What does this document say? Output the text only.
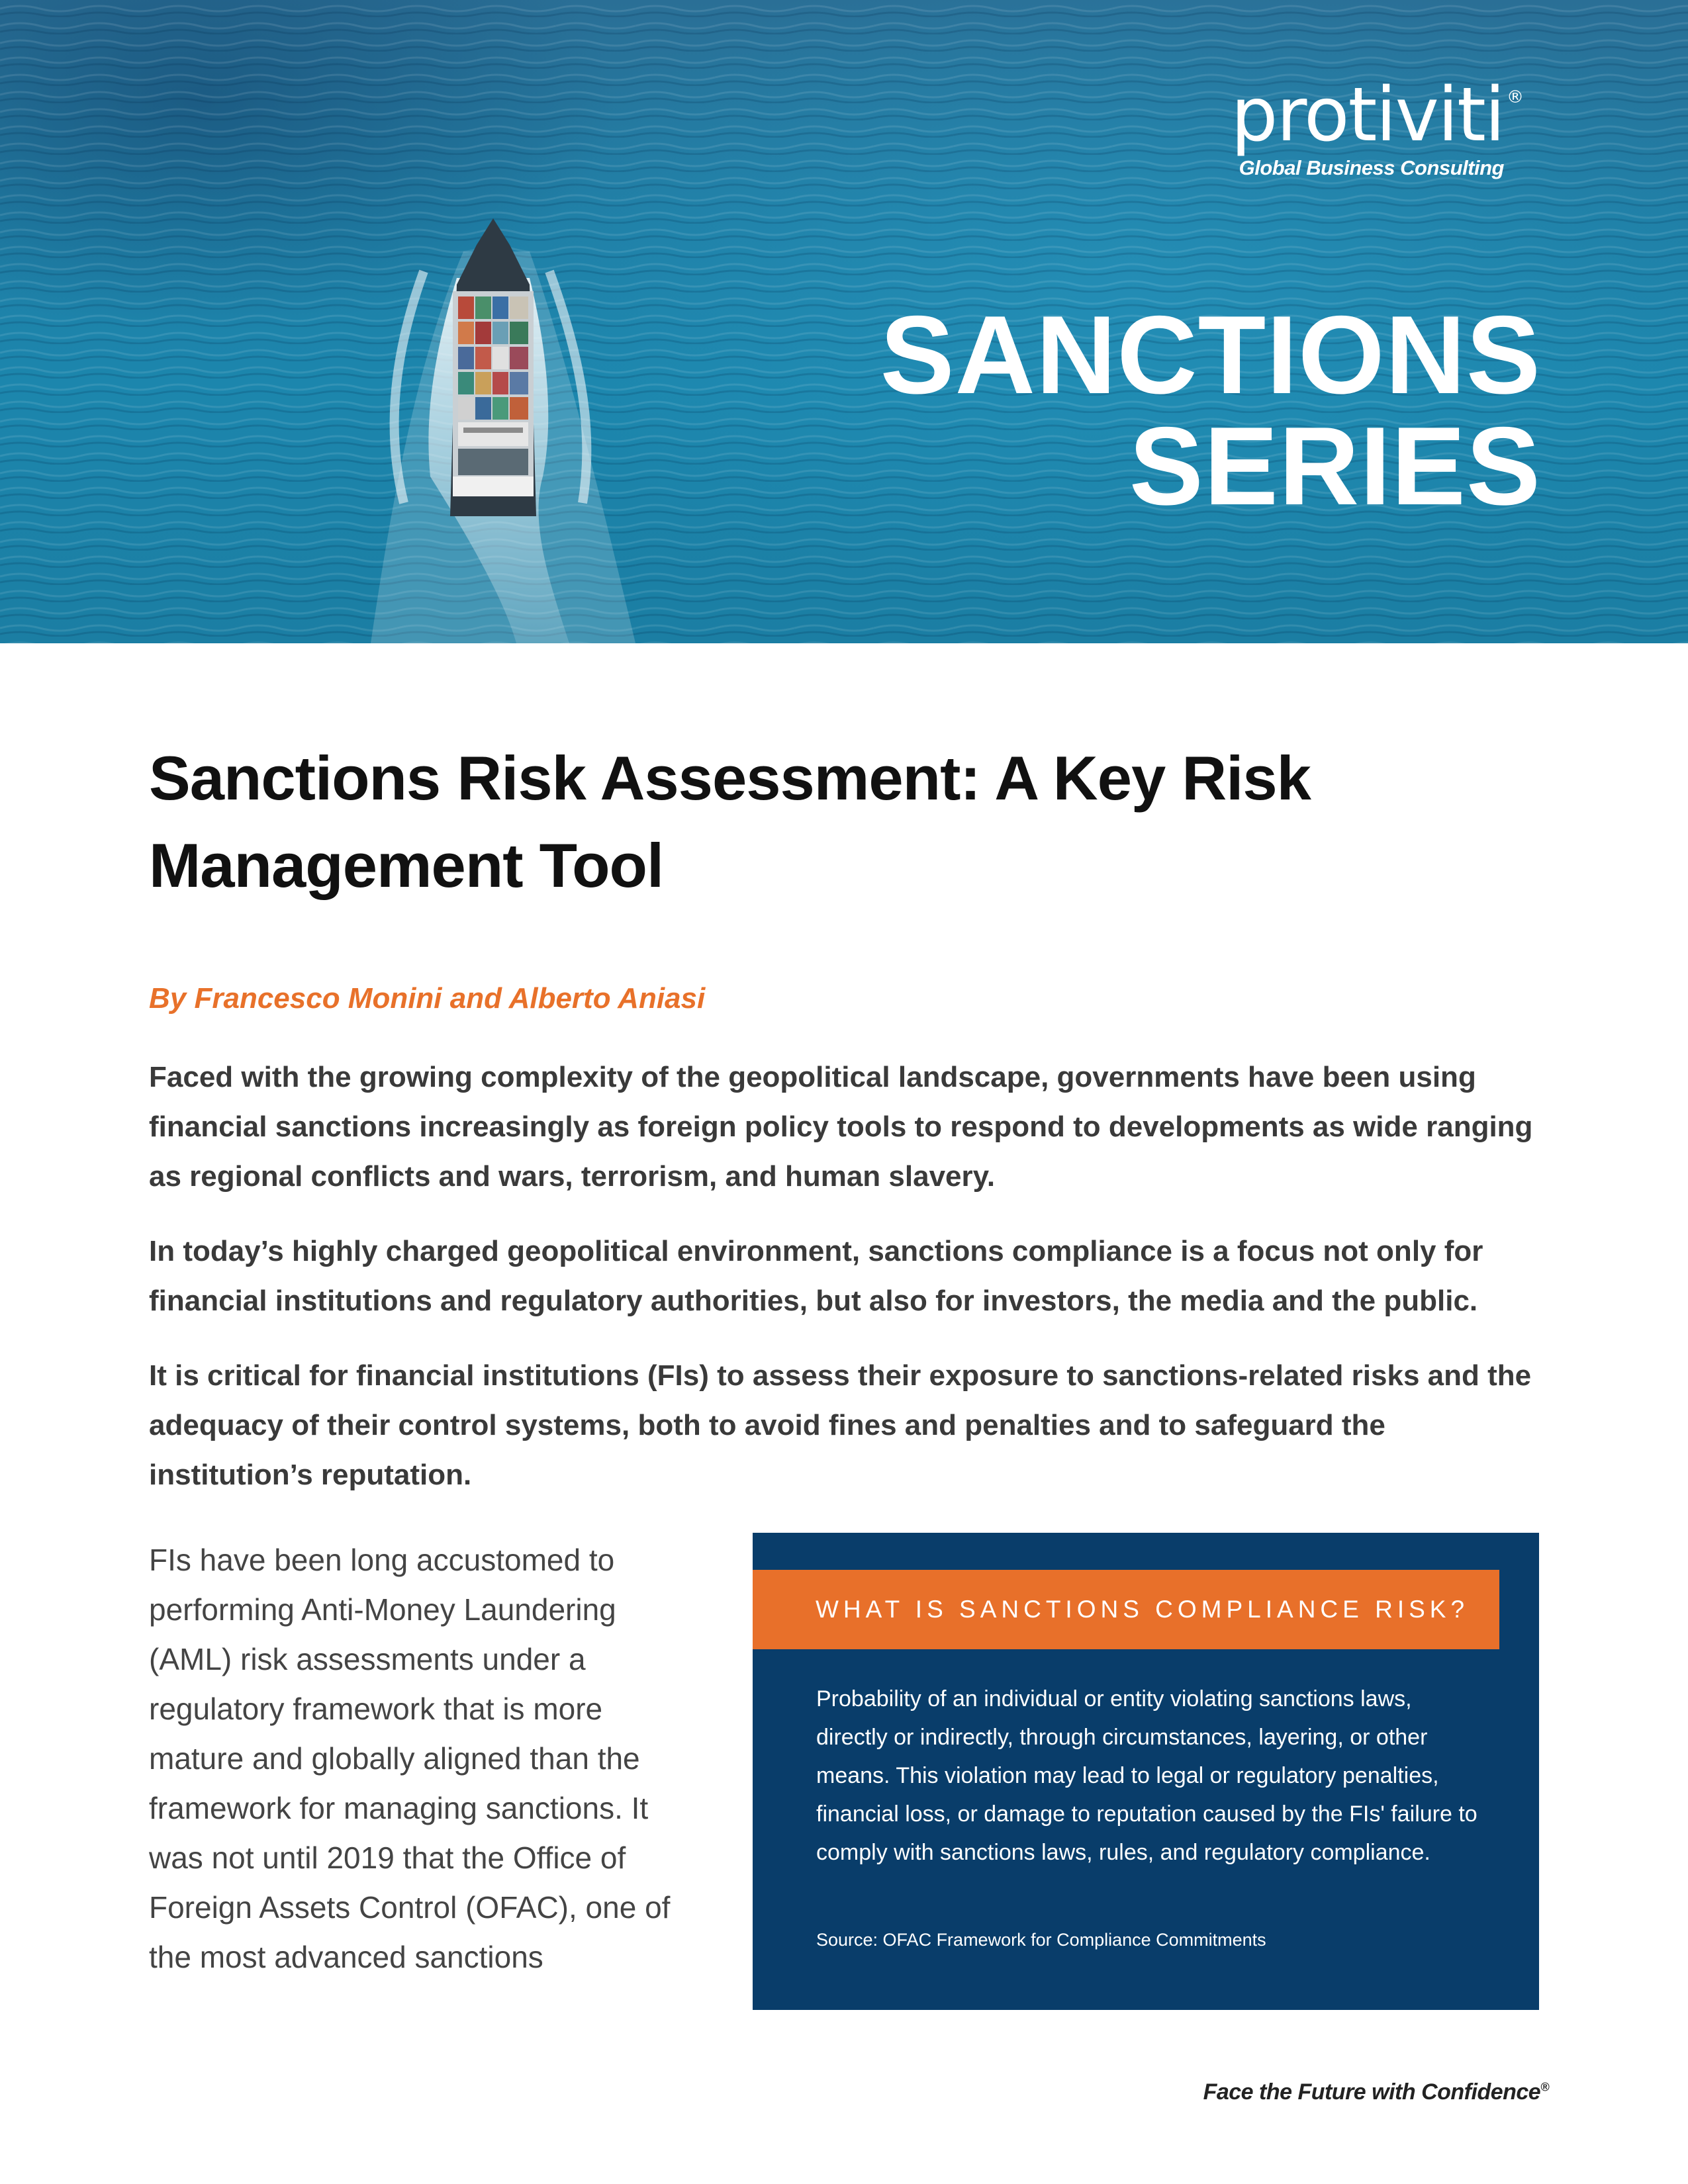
protiviti ®
Global Business Consulting
SANCTIONS
SERIES
Sanctions Risk Assessment: A Key Risk
Management Tool

By Francesco Monini and Alberto Aniasi

Faced with the growing complexity of the geopolitical landscape, governments have been using financial sanctions increasingly as foreign policy tools to respond to developments as wide ranging as regional conflicts and wars, terrorism, and human slavery.

In today’s highly charged geopolitical environment, sanctions compliance is a focus not only for financial institutions and regulatory authorities, but also for investors, the media and the public.

It is critical for financial institutions (FIs) to assess their exposure to sanctions-related risks and the adequacy of their control systems, both to avoid fines and penalties and to safeguard the institution’s reputation.

FIs have been long accustomed to performing Anti-Money Laundering (AML) risk assessments under a regulatory framework that is more mature and globally aligned than the framework for managing sanctions. It was not until 2019 that the Office of Foreign Assets Control (OFAC), one of the most advanced sanctions

WHAT IS SANCTIONS COMPLIANCE RISK?

Probability of an individual or entity violating sanctions laws, directly or indirectly, through circumstances, layering, or other means. This violation may lead to legal or regulatory penalties, financial loss, or damage to reputation caused by the FIs' failure to comply with sanctions laws, rules, and regulatory compliance.

Source: OFAC Framework for Compliance Commitments

Face the Future with Confidence®
